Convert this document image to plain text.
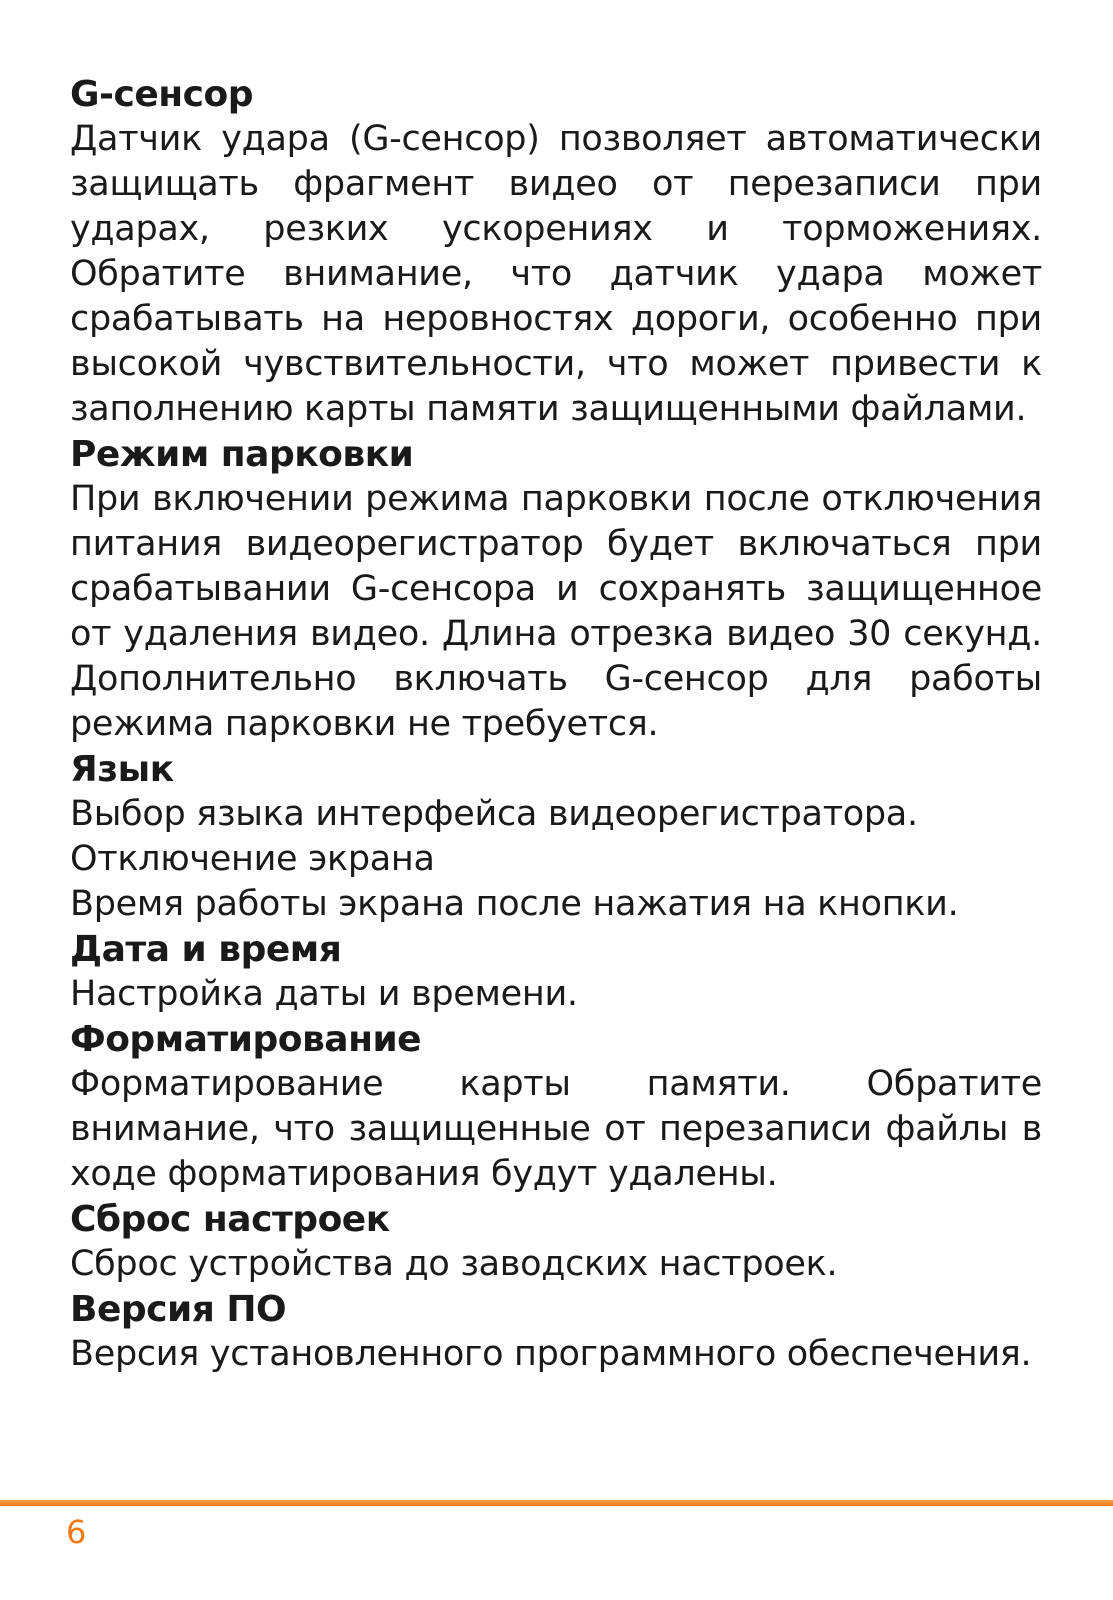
G-сенсор

Датчик удара (G-сенсор) позволяет автоматически защищать фрагмент видео от перезаписи при ударах, резких ускорениях и торможениях. Обратите внимание, что датчик удара может срабатывать на неровностях дороги, особенно при высокой чувствительности, что может привести к заполнению карты памяти защищенными файлами.

Режим парковки

При включении режима парковки после отключения питания видеорегистратор будет включаться при срабатывании G-сенсора и сохранять защищенное от удаления видео. Длина отрезка видео 30 секунд. Дополнительно включать G-сенсор для работы режима парковки не требуется.

Язык

Выбор языка интерфейса видеорегистратора.

Отключение экрана

Время работы экрана после нажатия на кнопки.

Дата и время

Настройка даты и времени.

Форматирование

Форматирование карты памяти. Обратите внимание, что защищенные от перезаписи файлы в ходе форматирования будут удалены.

Сброс настроек

Сброс устройства до заводских настроек.

Версия ПО

Версия установленного программного обеспечения.

6
